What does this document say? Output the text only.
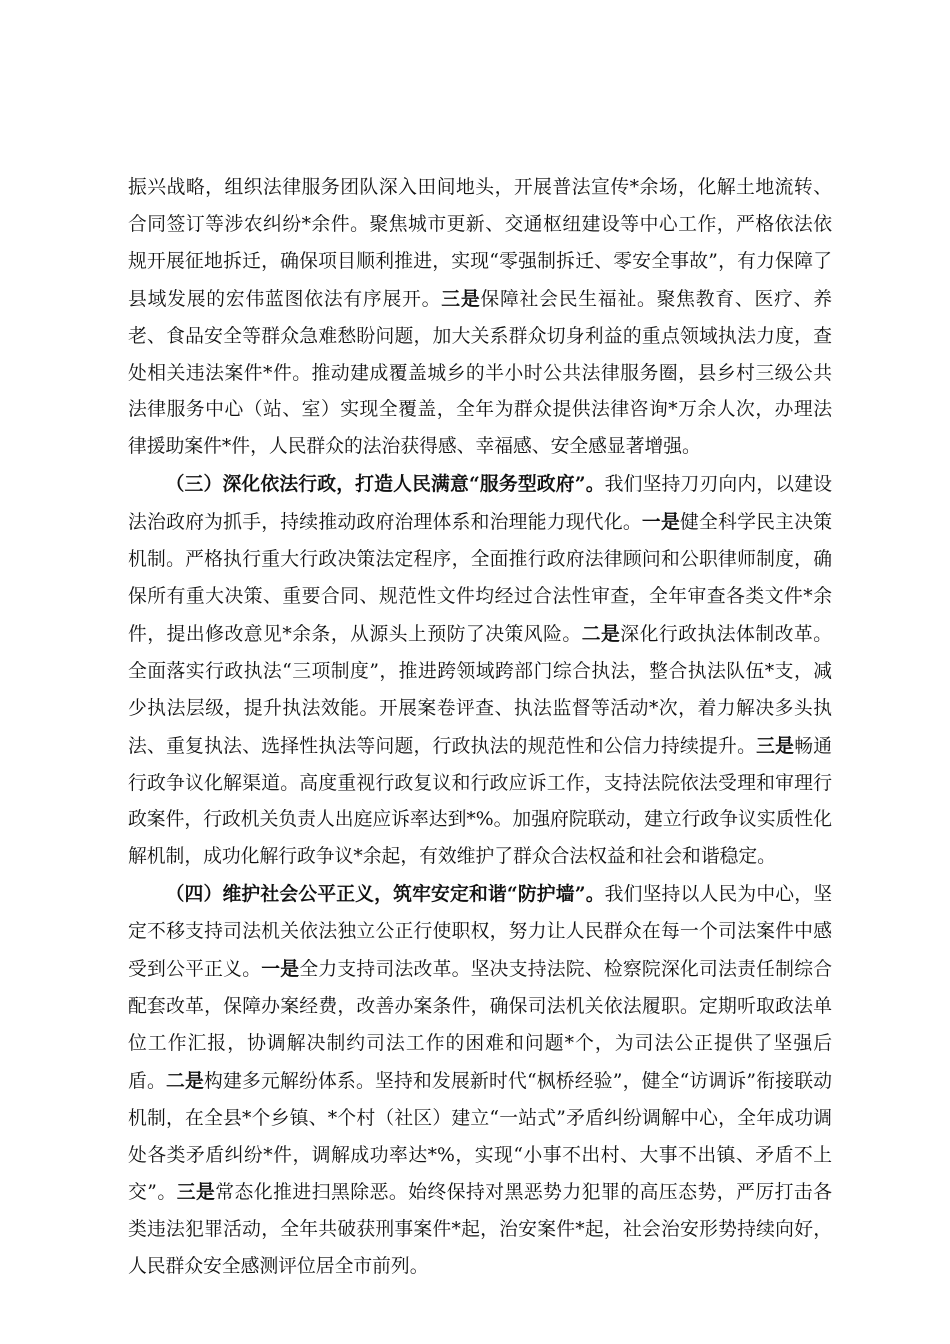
振兴战略，组织法律服务团队深入田间地头，开展普法宣传*余场，化解土地流转、合同签订等涉农纠纷*余件。聚焦城市更新、交通枢纽建设等中心工作，严格依法依规开展征地拆迁，确保项目顺利推进，实现“零强制拆迁、零安全事故”，有力保障了县域发展的宏伟蓝图依法有序展开。三是保障社会民生福祉。聚焦教育、医疗、养老、食品安全等群众急难愁盼问题，加大关系群众切身利益的重点领域执法力度，查处相关违法案件*件。推动建成覆盖城乡的半小时公共法律服务圈，县乡村三级公共法律服务中心（站、室）实现全覆盖，全年为群众提供法律咨询*万余人次，办理法律援助案件*件，人民群众的法治获得感、幸福感、安全感显著增强。

（三）深化依法行政，打造人民满意“服务型政府”。我们坚持刀刃向内，以建设法治政府为抓手，持续推动政府治理体系和治理能力现代化。一是健全科学民主决策机制。严格执行重大行政决策法定程序，全面推行政府法律顾问和公职律师制度，确保所有重大决策、重要合同、规范性文件均经过合法性审查，全年审查各类文件*余件，提出修改意见*余条，从源头上预防了决策风险。二是深化行政执法体制改革。全面落实行政执法“三项制度”，推进跨领域跨部门综合执法，整合执法队伍*支，减少执法层级，提升执法效能。开展案卷评查、执法监督等活动*次，着力解决多头执法、重复执法、选择性执法等问题，行政执法的规范性和公信力持续提升。三是畅通行政争议化解渠道。高度重视行政复议和行政应诉工作，支持法院依法受理和审理行政案件，行政机关负责人出庭应诉率达到*%。加强府院联动，建立行政争议实质性化解机制，成功化解行政争议*余起，有效维护了群众合法权益和社会和谐稳定。

（四）维护社会公平正义，筑牢安定和谐“防护墙”。我们坚持以人民为中心，坚定不移支持司法机关依法独立公正行使职权，努力让人民群众在每一个司法案件中感受到公平正义。一是全力支持司法改革。坚决支持法院、检察院深化司法责任制综合配套改革，保障办案经费，改善办案条件，确保司法机关依法履职。定期听取政法单位工作汇报，协调解决制约司法工作的困难和问题*个，为司法公正提供了坚强后盾。二是构建多元解纷体系。坚持和发展新时代“枫桥经验”，健全“访调诉”衔接联动机制，在全县*个乡镇、*个村（社区）建立“一站式”矛盾纠纷调解中心，全年成功调处各类矛盾纠纷*件，调解成功率达*%，实现“小事不出村、大事不出镇、矛盾不上交”。三是常态化推进扫黑除恶。始终保持对黑恶势力犯罪的高压态势，严厉打击各类违法犯罪活动，全年共破获刑事案件*起，治安案件*起，社会治安形势持续向好，人民群众安全感测评位居全市前列。
